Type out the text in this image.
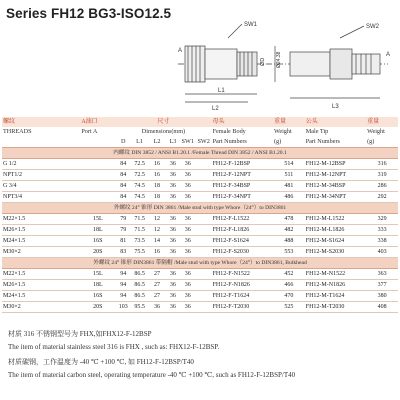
Series FH12 BG3-ISO12.5
SW1	SW2
A
A
ØD Ø24.38
L1
L2	L3
螺纹	A油口	尺寸						母头	重量	公头	重量
THREADS	Port A	Dimensions(mm)						Female Body	Weight	Male Tip	Weight
		D	L1	L2	L3	SW1	SW2	Part Numbers	(g)	Part Numbers	(g)
内螺纹 DIN 3852 / ANSI B1.20.1 /Female Thread DIN 3852 / ANSI B1.20.1											
G 1/2		84	72.5	16	36	36		FH12-F-12BSP	514	FH12-M-12BSP	316
NPT1/2		84	72.5	16	36	36		FH12-F-12NPT	511	FH12-M-12NPT	319
G 3/4		84	74.5	18	36	36		FH12-F-34BSP	481	FH12-M-34BSP	286
NPT3/4		84	74.5	18	36	36		FH12-F-34NPT	486	FH12-M-34NPT	292
外螺纹 24° 锥形 DIN 3861 /Male stud with type Whore（24°）to DIN3861											
M22×1.5	15L	79	71.5	12	36	36		FH12-F-L1522	478	FH12-M-L1522	329
M26×1.5	18L	79	71.5	12	36	36		FH12-F-L1826	482	FH12-M-L1826	333
M24×1.5	16S	81	73.5	14	36	36		FH12-F-S1624	488	FH12-M-S1624	338
M30×2	20S	83	75.5	16	36	36		FH12-F-S2030	553	FH12-M-S2030	403
外螺纹 24° 锥形 DIN3861 带隔帽 /Male stud with type Whore（24°）to DIN3861, Bulkhead											
M22×1.5	15L	94	86.5	27	36	36		FH12-F-N1522	452	FH12-M-N1522	363
M26×1.5	18L	94	86.5	27	36	36		FH12-F-N1826	466	FH12-M-N1826	377
M24×1.5	16S	94	86.5	27	36	36		FH12-F-T1624	470	FH12-M-T1624	380
M30×2	20S	103	95.5	36	36	36		FH12-F-T2030	525	FH12-M-T2030	408
材质 316 不锈钢型号为 FHX,如FHX12-F-12BSP
The item of material stainless steel 316 is FHX , such as: FHX12-F-12BSP.
材质碳钢，工作温度为 -40 ℃ +100 ℃, 如 FH12-F-12BSP/T40
The item of material carbon steel, operating temperature -40 ℃ +100 ℃, such as FH12-F-12BSP/T40
